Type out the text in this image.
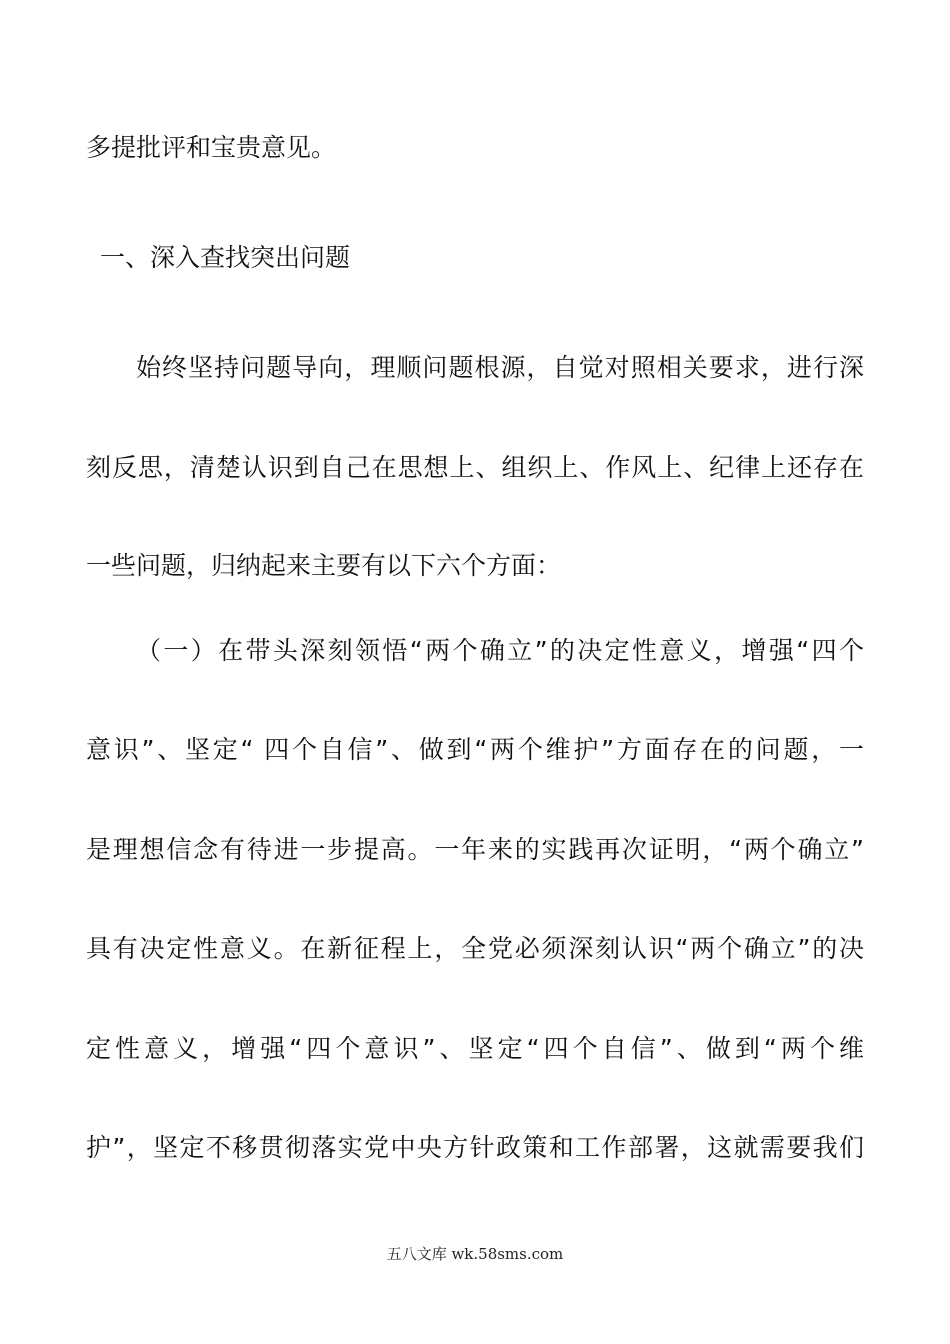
多提批评和宝贵意见。
一、深入查找突出问题
始终坚持问题导向，理顺问题根源，自觉对照相关要求，进行深
刻反思，清楚认识到自己在思想上、组织上、作风上、纪律上还存在
一些问题，归纳起来主要有以下六个方面：
（一）在带头深刻领悟“两个确立”的决定性意义，增强“四个
意识”、坚定“ 四个自信”、做到“两个维护”方面存在的问题，一
是理想信念有待进一步提高。一年来的实践再次证明，“两个确立”
具有决定性意义。在新征程上，全党必须深刻认识“两个确立”的决
定性意义，增强“四个意识”、坚定“四个自信”、做到“两个维
护”，坚定不移贯彻落实党中央方针政策和工作部署，这就需要我们
五八文库 wk.58sms.com
